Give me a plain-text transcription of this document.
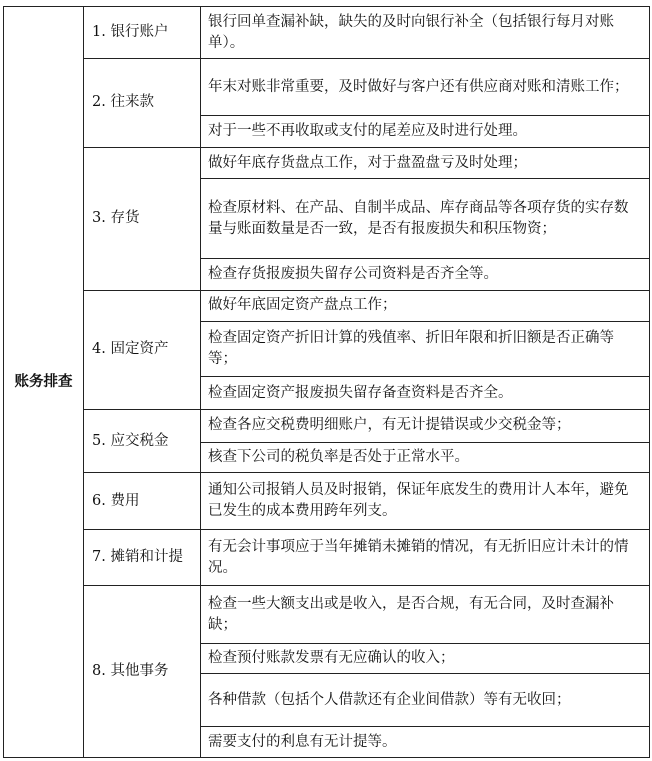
账务排查	1. 银行账户	银行回单查漏补缺，缺失的及时向银行补全（包括银行每月对账单）。
	2. 往来款	年末对账非常重要，及时做好与客户还有供应商对账和清账工作；
		对于一些不再收取或支付的尾差应及时进行处理。
	3. 存货	做好年底存货盘点工作，对于盘盈盘亏及时处理；
		检查原材料、在产品、自制半成品、库存商品等各项存货的实存数量与账面数量是否一致，是否有报废损失和积压物资；
		检查存货报废损失留存公司资料是否齐全等。
	4. 固定资产	做好年底固定资产盘点工作；
		检查固定资产折旧计算的残值率、折旧年限和折旧额是否正确等等；
		检查固定资产报废损失留存备查资料是否齐全。
	5. 应交税金	检查各应交税费明细账户，有无计提错误或少交税金等；
		核查下公司的税负率是否处于正常水平。
	6. 费用	通知公司报销人员及时报销，保证年底发生的费用计人本年，避免已发生的成本费用跨年列支。
	7. 摊销和计提	有无会计事项应于当年摊销未摊销的情况，有无折旧应计未计的情况。
	8. 其他事务	检查一些大额支出或是收入，是否合规，有无合同，及时查漏补缺；
		检查预付账款发票有无应确认的收入；
		各种借款（包括个人借款还有企业间借款）等有无收回；
		需要支付的利息有无计提等。
